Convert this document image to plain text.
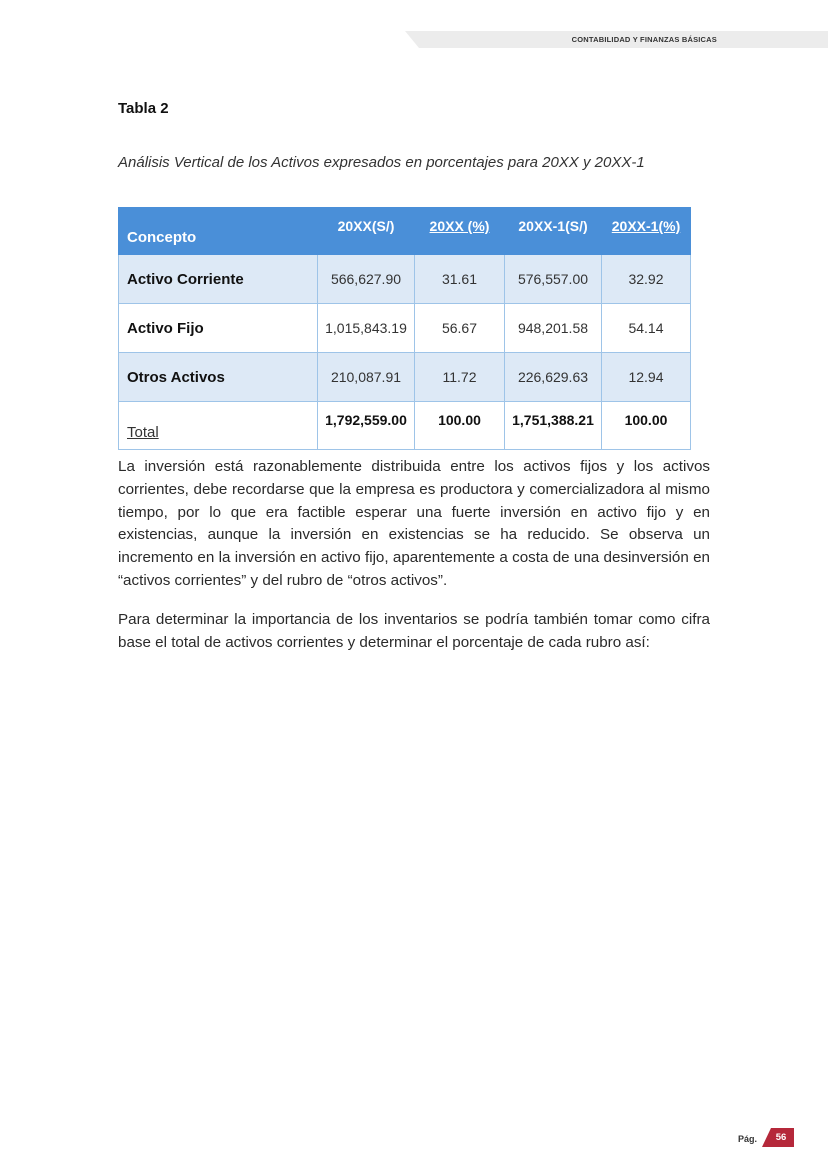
CONTABILIDAD Y FINANZAS BÁSICAS
Tabla 2
Análisis Vertical de los Activos expresados en porcentajes para 20XX y 20XX-1
Concepto	20XX(S/)	20XX (%)	20XX-1(S/)	20XX-1(%)
Activo Corriente	566,627.90	31.61	576,557.00	32.92
Activo Fijo	1,015,843.19	56.67	948,201.58	54.14
Otros Activos	210,087.91	11.72	226,629.63	12.94
Total	1,792,559.00	100.00	1,751,388.21	100.00

La inversión está razonablemente distribuida entre los activos fijos y los activos corrientes, debe recordarse que la empresa es productora y comercializadora al mismo tiempo, por lo que era factible esperar una fuerte inversión en activo fijo y en existencias, aunque la inversión en existencias se ha reducido. Se observa un incremento en la inversión en activo fijo, aparentemente a costa de una desinversión en “activos corrientes” y del rubro de “otros activos”.

Para determinar la importancia de los inventarios se podría también tomar como cifra base el total de activos corrientes y determinar el porcentaje de cada rubro así:

Pág.	56
